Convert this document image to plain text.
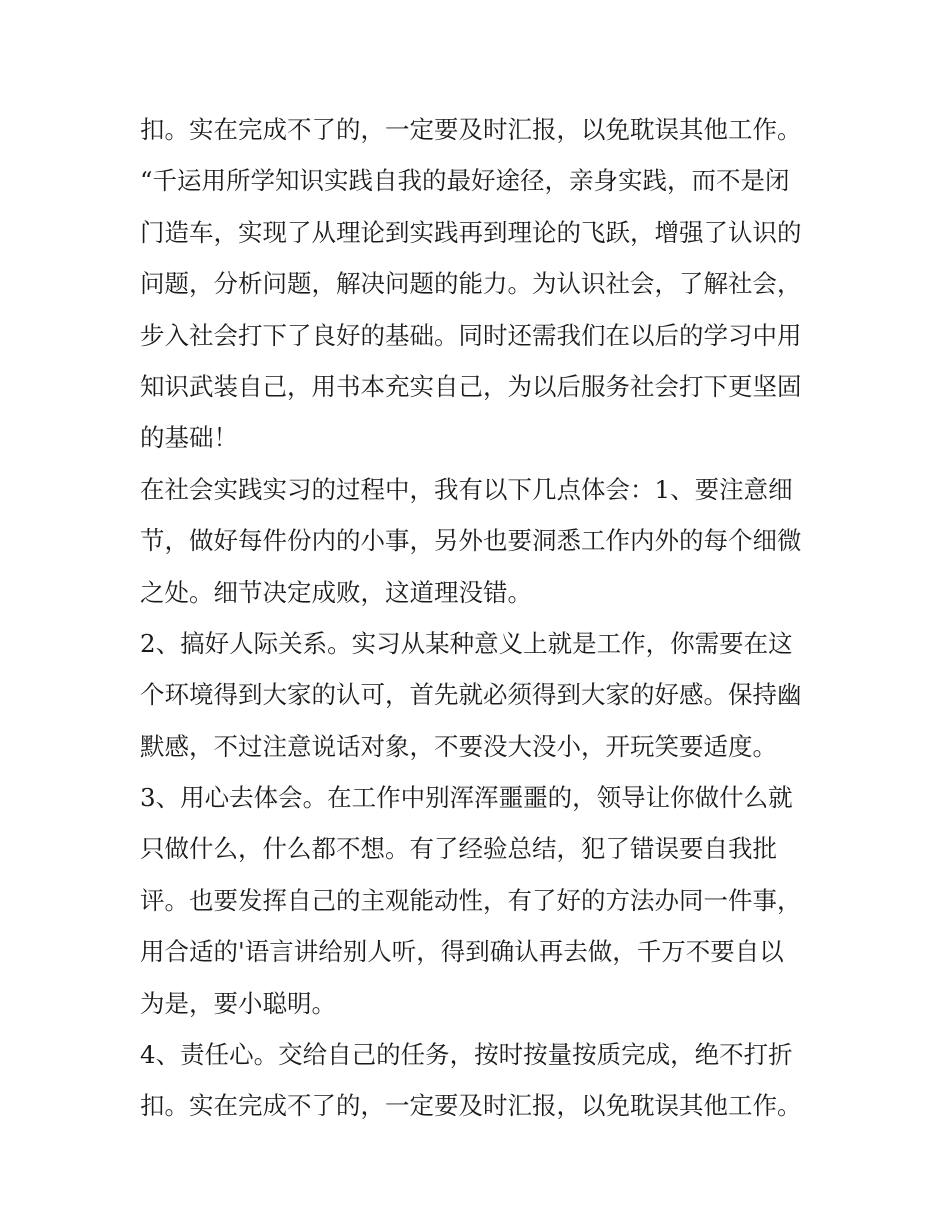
扣。实在完成不了的，一定要及时汇报，以免耽误其他工作。
“千运用所学知识实践自我的最好途径，亲身实践，而不是闭
门造车，实现了从理论到实践再到理论的飞跃，增强了认识的
问题，分析问题，解决问题的能力。为认识社会，了解社会，
步入社会打下了良好的基础。同时还需我们在以后的学习中用
知识武装自己，用书本充实自己，为以后服务社会打下更坚固
的基础！
在社会实践实习的过程中，我有以下几点体会：1、要注意细
节，做好每件份内的小事，另外也要洞悉工作内外的每个细微
之处。细节决定成败，这道理没错。
2、搞好人际关系。实习从某种意义上就是工作，你需要在这
个环境得到大家的认可，首先就必须得到大家的好感。保持幽
默感，不过注意说话对象，不要没大没小，开玩笑要适度。
3、用心去体会。在工作中别浑浑噩噩的，领导让你做什么就
只做什么，什么都不想。有了经验总结，犯了错误要自我批
评。也要发挥自己的主观能动性，有了好的方法办同一件事，
用合适的'语言讲给别人听，得到确认再去做，千万不要自以
为是，要小聪明。
4、责任心。交给自己的任务，按时按量按质完成，绝不打折
扣。实在完成不了的，一定要及时汇报，以免耽误其他工作。
